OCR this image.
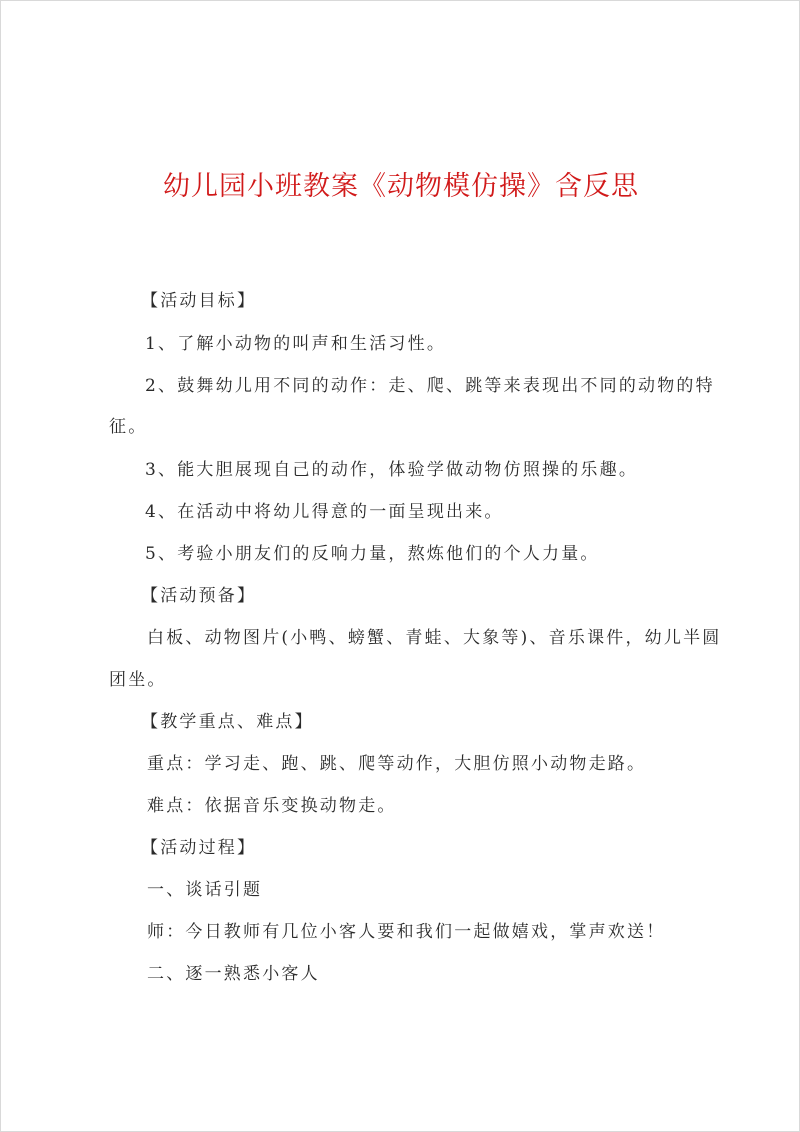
幼儿园小班教案《动物模仿操》含反思

【活动目标】

1、了解小动物的叫声和生活习性。

2、鼓舞幼儿用不同的动作：走、爬、跳等来表现出不同的动物的特

征。

3、能大胆展现自己的动作，体验学做动物仿照操的乐趣。

4、在活动中将幼儿得意的一面呈现出来。

5、考验小朋友们的反响力量，熬炼他们的个人力量。

【活动预备】

白板、动物图片(小鸭、螃蟹、青蛙、大象等)、音乐课件，幼儿半圆

团坐。

【教学重点、难点】

重点：学习走、跑、跳、爬等动作，大胆仿照小动物走路。

难点：依据音乐变换动物走。

【活动过程】

一、谈话引题

师：今日教师有几位小客人要和我们一起做嬉戏，掌声欢送！

二、逐一熟悉小客人
